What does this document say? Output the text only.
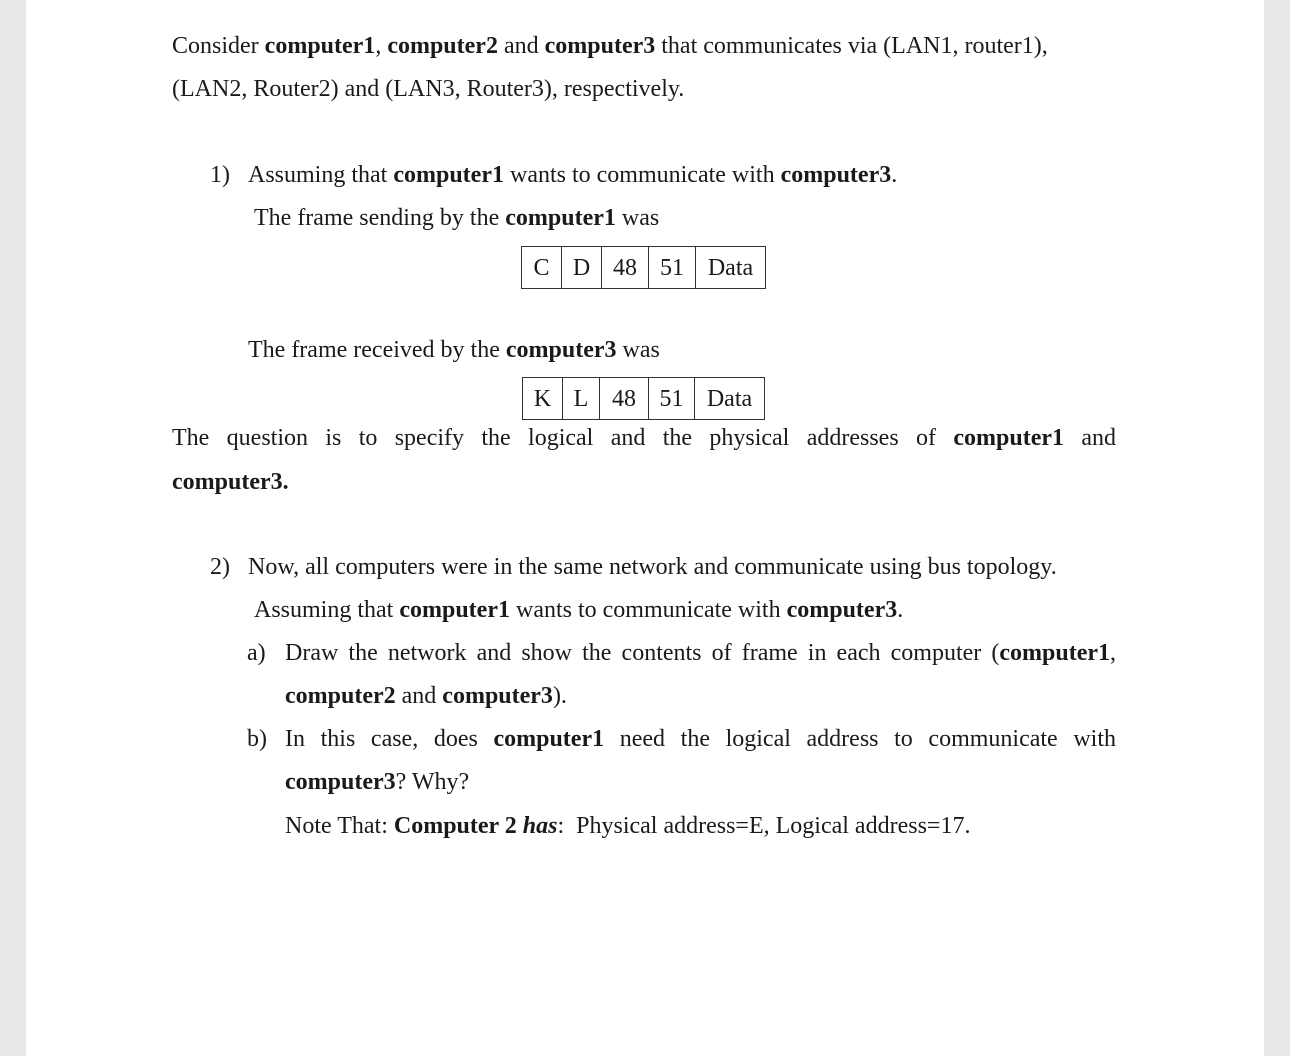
Consider computer1, computer2 and computer3 that communicates via (LAN1, router1),
(LAN2, Router2) and (LAN3, Router3), respectively.
1) Assuming that computer1 wants to communicate with computer3.
The frame sending by the computer1 was
C	D	48	51	Data
The frame received by the computer3 was
K	L	48	51	Data
The question is to specify the logical and the physical addresses of computer1 and
computer3.
2) Now, all computers were in the same network and communicate using bus topology.
Assuming that computer1 wants to communicate with computer3.
a) Draw the network and show the contents of frame in each computer (computer1,
computer2 and computer3).
b) In this case, does computer1 need the logical address to communicate with
computer3? Why?
Note That: Computer 2 has: Physical address=E, Logical address=17.
